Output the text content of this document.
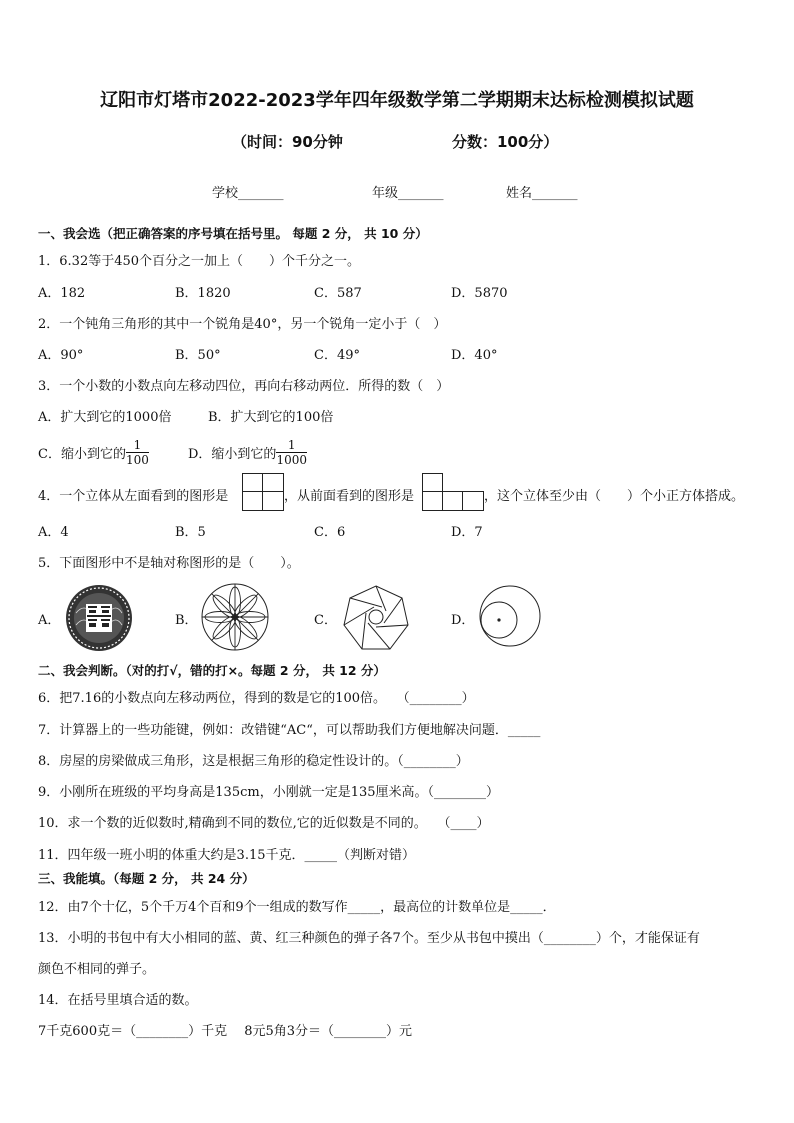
辽阳市灯塔市2022-2023学年四年级数学第二学期期末达标检测模拟试题
（时间：90分钟	分数：100分）
学校_______	年级_______	姓名_______
一、我会选（把正确答案的序号填在括号里。 每题 2 分， 共 10 分）
1．6.32等于450个百分之一加上（　　）个千分之一。
A．182	B．1820	C．587	D．5870
2．一个钝角三角形的其中一个锐角是40°，另一个锐角一定小于（　）
A．90°	B．50°	C．49°	D．40°
3．一个小数的小数点向左移动四位，再向右移动两位．所得的数（　）
A．扩大到它的1000倍	B．扩大到它的100倍
C．缩小到它的 $\frac{1}{100}$	D．缩小到它的 $\frac{1}{1000}$
4．一个立体从左面看到的图形是	，从前面看到的图形是	，这个立体至少由（　　）个小正方体搭成。
A．4	B．5	C．6	D．7
5．下面图形中不是轴对称图形的是（　　）。
A．	B．	C．	D．
二、我会判断。（对的打√，错的打×。每题 2 分， 共 12 分）
6．把7.16的小数点向左移动两位，得到的数是它的100倍。　 （________）
7．计算器上的一些功能键，例如：改错键“AC“，可以帮助我们方便地解决问题．_____
8．房屋的房梁做成三角形，这是根据三角形的稳定性设计的。（________）
9．小刚所在班级的平均身高是135cm，小刚就一定是135厘米高。（________）
10．求一个数的近似数时,精确到不同的数位,它的近似数是不同的。　 （____）
11．四年级一班小明的体重大约是3.15千克．_____（判断对错）
三、我能填。（每题 2 分， 共 24 分）
12．由7个十亿，5个千万4个百和9个一组成的数写作_____，最高位的计数单位是_____．
13．小明的书包中有大小相同的蓝、黄、红三种颜色的弹子各7个。至少从书包中摸出（________）个，才能保证有
颜色不相同的弹子。
14．在括号里填合适的数。
7千克600克＝（________）千克　 8元5角3分＝（________）元
